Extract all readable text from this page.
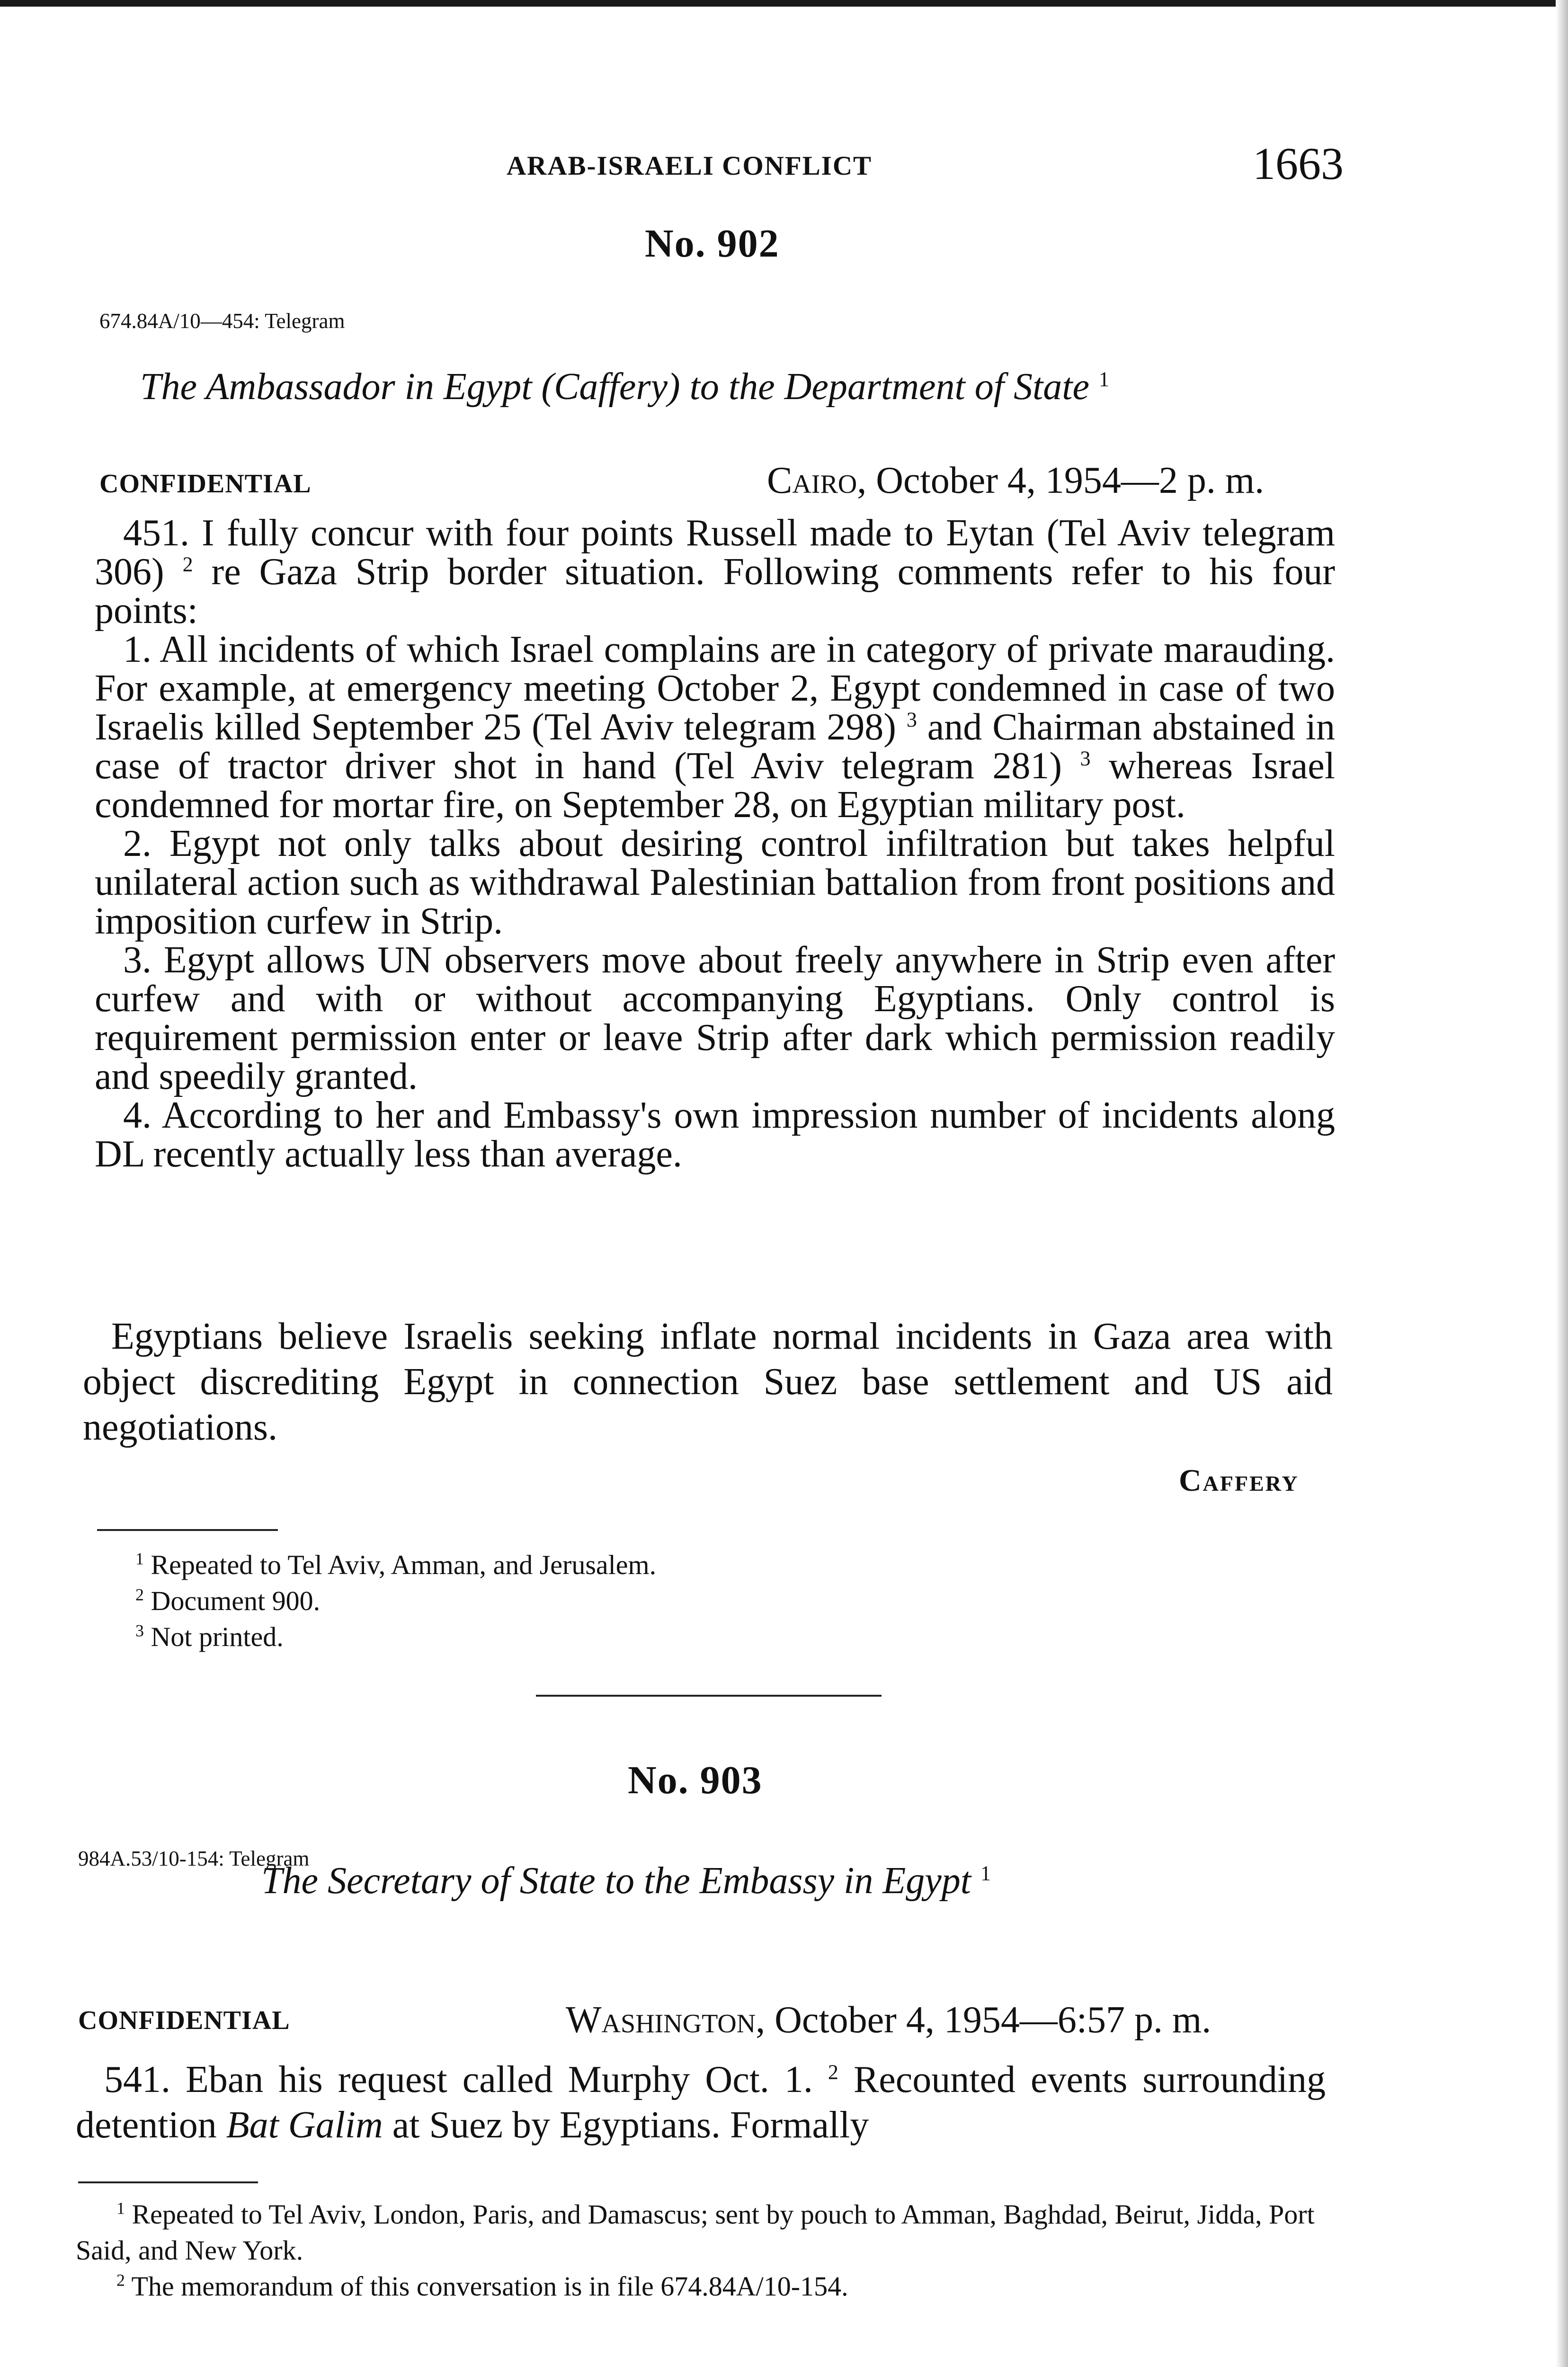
ARAB-ISRAELI CONFLICT	1663
No. 902
674.84A/10—454: Telegram
The Ambassador in Egypt (Caffery) to the Department of State $^1$
CONFIDENTIAL	Cairo, October 4, 1954—2 p. m.

451. I fully concur with four points Russell made to Eytan (Tel Aviv telegram 306) $^2$ re Gaza Strip border situation. Following comments refer to his four points:

1. All incidents of which Israel complains are in category of private marauding. For example, at emergency meeting October 2, Egypt condemned in case of two Israelis killed September 25 (Tel Aviv telegram 298) $^3$ and Chairman abstained in case of tractor driver shot in hand (Tel Aviv telegram 281) $^3$ whereas Israel condemned for mortar fire, on September 28, on Egyptian military post.

2. Egypt not only talks about desiring control infiltration but takes helpful unilateral action such as withdrawal Palestinian battalion from front positions and imposition curfew in Strip.

3. Egypt allows UN observers move about freely anywhere in Strip even after curfew and with or without accompanying Egyptians. Only control is requirement permission enter or leave Strip after dark which permission readily and speedily granted.

4. According to her and Embassy's own impression number of incidents along DL recently actually less than average.

Egyptians believe Israelis seeking inflate normal incidents in Gaza area with object discrediting Egypt in connection Suez base settlement and US aid negotiations.

Caffery

$^1$ Repeated to Tel Aviv, Amman, and Jerusalem.

$^2$ Document 900.

$^3$ Not printed.

No. 903
984A.53/10-154: Telegram
The Secretary of State to the Embassy in Egypt $^1$
CONFIDENTIAL	Washington, October 4, 1954—6:57 p. m.

541. Eban his request called Murphy Oct. 1. $^2$ Recounted events surrounding detention Bat Galim at Suez by Egyptians. Formally

$^1$ Repeated to Tel Aviv, London, Paris, and Damascus; sent by pouch to Amman, Baghdad, Beirut, Jidda, Port Said, and New York.

$^2$ The memorandum of this conversation is in file 674.84A/10-154.
